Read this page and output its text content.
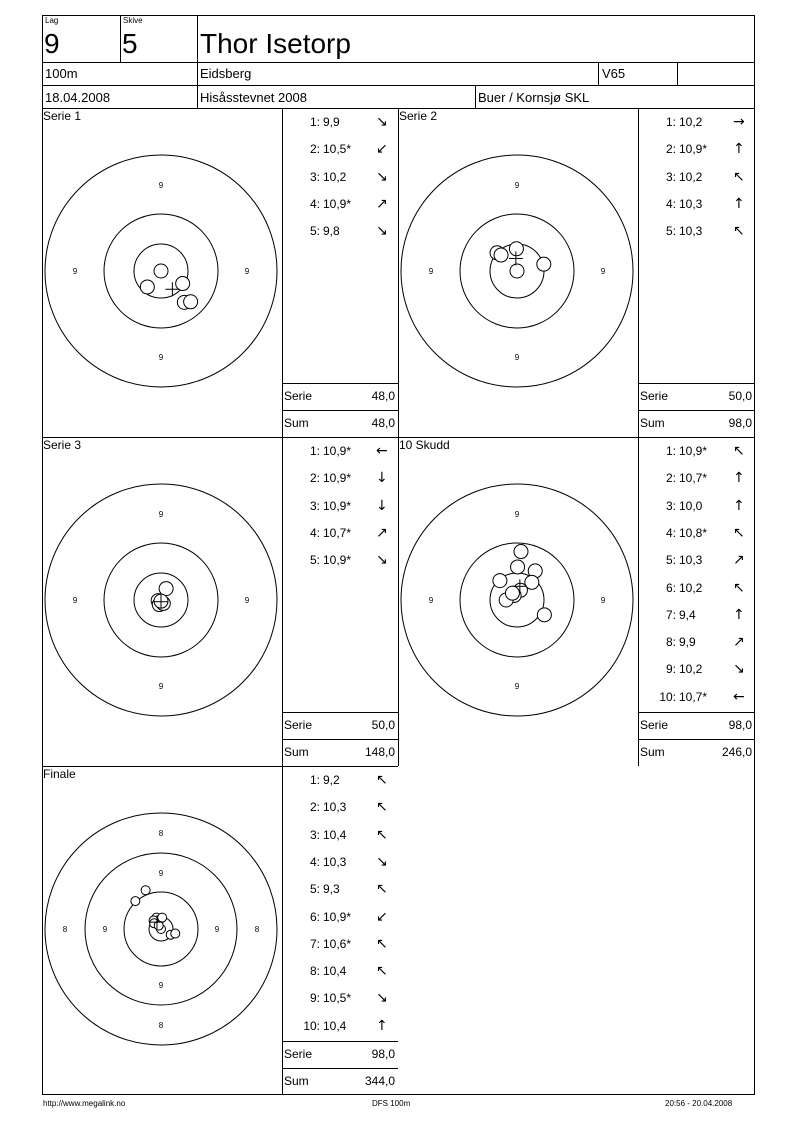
Lag
9
Skive
5 Thor Isetorp
100m	Eidsberg	V65
18.04.2008	Hisåsstevnet 2008	Buer / Kornsjø SKL
Serie 1
9
9	9
9
1: 9,9	↘
2: 10,5* ↙
3: 10,2 ↘
4: 10,9* ↗
5: 9,8	↘
Serie	48,0
Sum	48,0
Serie 2
9
9	9
9
1: 10,2 →
2: 10,9* ↑
3: 10,2 ↖
4: 10,3 ↑
5: 10,3 ↖
Serie	50,0
Sum	98,0
Serie 3
9
9	9
9
1: 10,9* ←
2: 10,9* ↓
3: 10,9* ↓
4: 10,7* ↗
5: 10,9* ↘
Serie	50,0
Sum	148,0
10 Skudd
9
9	9
9
1: 10,9* ↖
2: 10,7* ↑
3: 10,0 ↑
4: 10,8* ↖
5: 10,3 ↗
6: 10,2 ↖
7: 9,4	↑
8: 9,9	↗
9: 10,2 ↘
10: 10,7* ←
Serie	98,0
Sum	246,0
Finale
9
9	9
9
8
8	8
8
1: 9,2	↖
2: 10,3 ↖
3: 10,4 ↖
4: 10,3 ↘
5: 9,3	↖
6: 10,9* ↙
7: 10,6* ↖
8: 10,4 ↖
9: 10,5* ↘
10: 10,4 ↑
Serie	98,0
Sum	344,0
http://www.megalink.no	DFS 100m	20:56 - 20.04.2008
